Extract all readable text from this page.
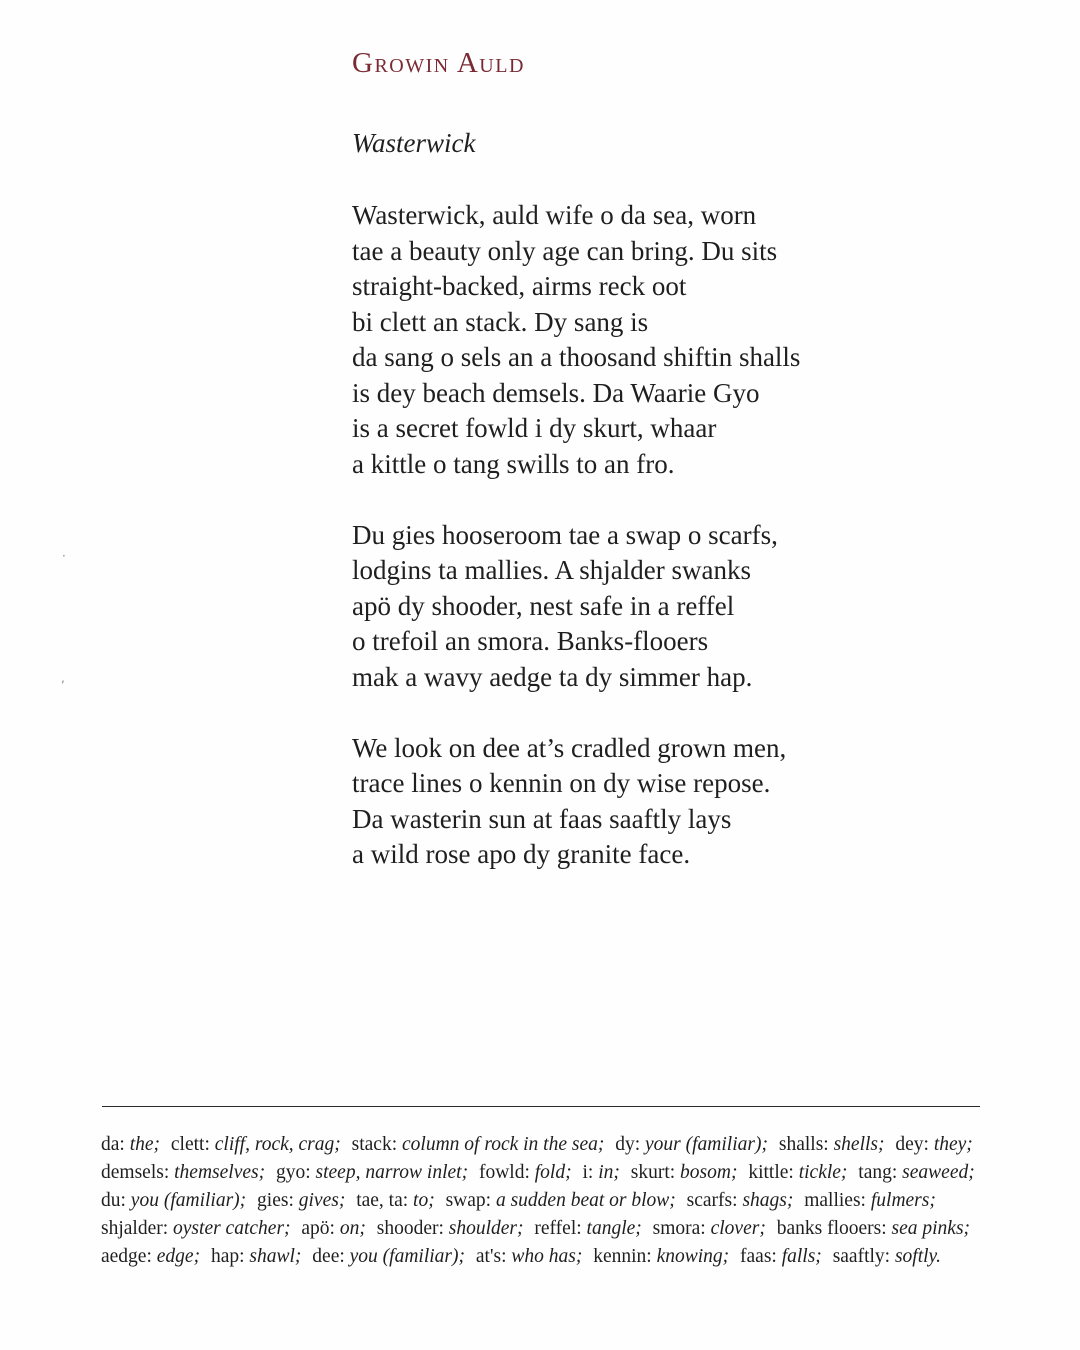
Growin Auld
Wasterwick
Wasterwick, auld wife o da sea, worn
tae a beauty only age can bring. Du sits
straight-backed, airms reck oot
bi clett an stack. Dy sang is
da sang o sels an a thoosand shiftin shalls
is dey beach demsels. Da Waarie Gyo
is a secret fowld i dy skurt, whaar
a kittle o tang swills to an fro.
Du gies hooseroom tae a swap o scarfs,
lodgins ta mallies. A shjalder swanks
apö dy shooder, nest safe in a reffel
o trefoil an smora. Banks-flooers
mak a wavy aedge ta dy simmer hap.
We look on dee at’s cradled grown men,
trace lines o kennin on dy wise repose.
Da wasterin sun at faas saaftly lays
a wild rose apo dy granite face.
·
,
da: the; clett: cliff, rock, crag; stack: column of rock in the sea; dy: your (familiar); shalls: shells; dey: they; demsels: themselves; gyo: steep, narrow inlet; fowld: fold; i: in; skurt: bosom; kittle: tickle; tang: seaweed; du: you (familiar); gies: gives; tae, ta: to; swap: a sudden beat or blow; scarfs: shags; mallies: fulmers; shjalder: oyster catcher; apö: on; shooder: shoulder; reffel: tangle; smora: clover; banks flooers: sea pinks; aedge: edge; hap: shawl; dee: you (familiar); at's: who has; kennin: knowing; faas: falls; saaftly: softly.
